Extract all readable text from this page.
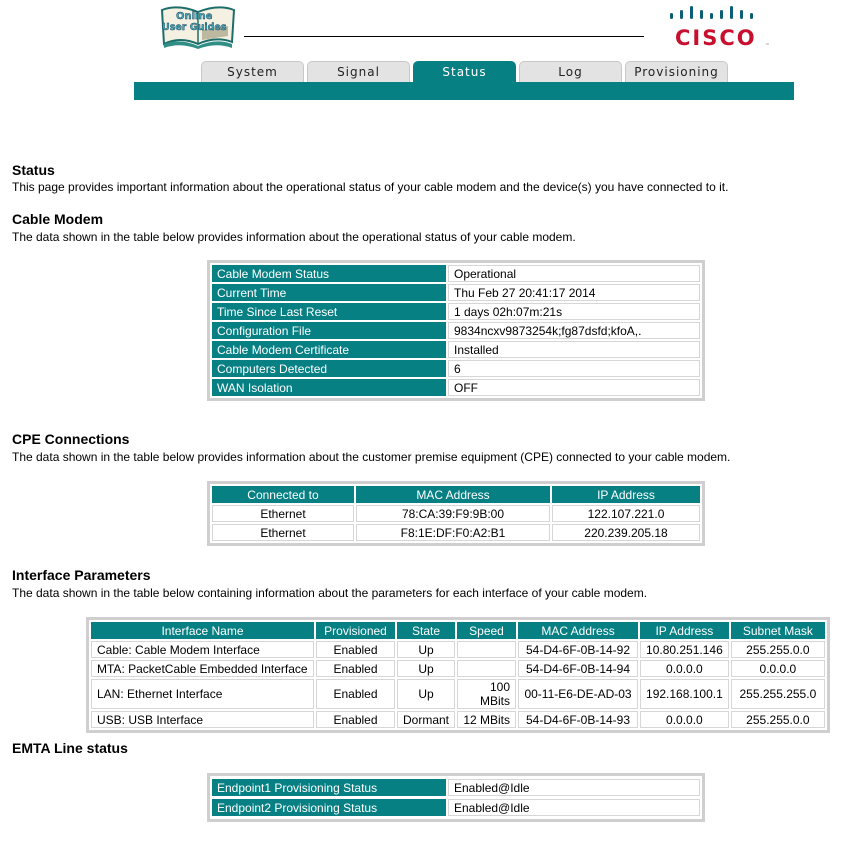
Online
User Guides	CISCO ™
System	Signal	Status	Log	Provisioning
Status
This page provides important information about the operational status of your cable modem and the device(s) you have connected to it.
Cable Modem
The data shown in the table below provides information about the operational status of your cable modem.
Cable Modem Status	Operational
Current Time	Thu Feb 27 20:41:17 2014
Time Since Last Reset	1 days 02h:07m:21s
Configuration File	9834ncxv9873254k;fg87dsfd;kfoA,.
Cable Modem Certificate	Installed
Computers Detected	6
WAN Isolation	OFF
CPE Connections
The data shown in the table below provides information about the customer premise equipment (CPE) connected to your cable modem.
Connected to	MAC Address	IP Address
Ethernet	78:CA:39:F9:9B:00	122.107.221.0
Ethernet	F8:1E:DF:F0:A2:B1	220.239.205.18
Interface Parameters
The data shown in the table below containing information about the parameters for each interface of your cable modem.
Interface Name	Provisioned	State	Speed	MAC Address	IP Address	Subnet Mask
Cable: Cable Modem Interface	Enabled	Up		54-D4-6F-0B-14-92	10.80.251.146	255.255.0.0
MTA: PacketCable Embedded Interface	Enabled	Up		54-D4-6F-0B-14-94	0.0.0.0	0.0.0.0
LAN: Ethernet Interface	Enabled	Up	100 MBits	00-11-E6-DE-AD-03	192.168.100.1	255.255.255.0
USB: USB Interface	Enabled	Dormant	12 MBits	54-D4-6F-0B-14-93	0.0.0.0	255.255.0.0
EMTA Line status
Endpoint1 Provisioning Status	Enabled@Idle
Endpoint2 Provisioning Status	Enabled@Idle
